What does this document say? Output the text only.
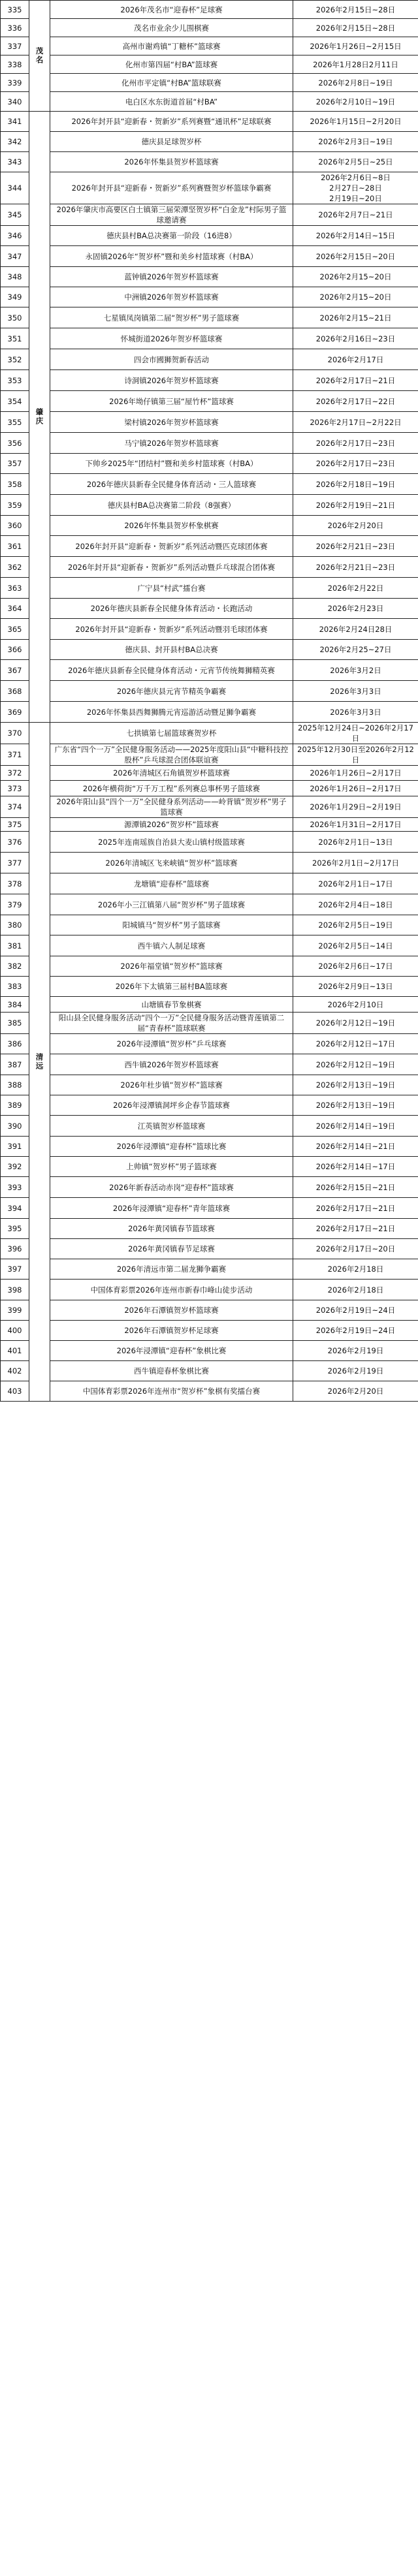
335	茂名	2026年茂名市“迎春杯”足球赛	2026年2月15日~28日
336		茂名市业余少儿围棋赛	2026年2月15日~28日
337		高州市谢鸡镇“丁糖杯”篮球赛	2026年1月26日~2月15日
338		化州市第四届“村BA”篮球赛	2026年1月28日2月11日
339		化州市平定镇“村BA”篮球联赛	2026年2月8日~19日
340		电白区水东街道首届“村BA”	2026年2月10日~19日
341	肇庆	2026年封开县“迎新春・贺新岁”系列赛暨“通讯杯”足球联赛	2026年1月15日~2月20日
342		德庆县足球贺岁杯	2026年2月3日~19日
343		2026年怀集县贺岁杯篮球赛	2026年2月5日~25日
344		2026年封开县“迎新春・贺新岁”系列赛暨贺岁杯篮球争霸赛	2026年2月6日~8日
2月27日~28日
2月19日~20日
345		2026年肇庆市高要区白土镇第三届荣潭坚贺岁杯“白金龙”村际男子篮球邀请赛	2026年2月7日~21日
346		德庆县村BA总决赛第一阶段（16进8）	2026年2月14日~15日
347		永固镇2026年“贺岁杯”暨和美乡村篮球赛（村BA）	2026年2月15日~20日
348		蓝钟镇2026年贺岁杯篮球赛	2026年2月15~20日
349		中洲镇2026年贺岁杯篮球赛	2026年2月15~20日
350		七星镇凤岗镇第二届“贺岁杯”男子篮球赛	2026年2月15~21日
351		怀城街道2026年贺岁杯篮球赛	2026年2月16日~23日
352		四会市國狮贺新春活动	2026年2月17日
353		诗洞镇2026年贺岁杯篮球赛	2026年2月17日~21日
354		2026年坳仔镇第三届“屋竹杯”篮球赛	2026年2月17日~22日
355		梁村镇2026年贺岁杯篮球赛	2026年2月17日~2月22日
356		马宁镇2026年贺岁杯篮球赛	2026年2月17日~23日
357		下帅乡2025年“团结村”暨和美乡村篮球赛（村BA）	2026年2月17日~23日
358		2026年德庆县新春全民健身体育活动・三人篮球赛	2026年2月18日~19日
359		德庆县村BA总决赛第二阶段（8强赛）	2026年2月19日~21日
360		2026年怀集县贺岁杯象棋赛	2026年2月20日
361		2026年封开县“迎新春・贺新岁”系列活动暨匹克球团体赛	2026年2月21日~23日
362		2026年封开县“迎新春・贺新岁”系列活动暨乒乓球混合团体赛	2026年2月21日~23日
363		广宁县“村武”擂台赛	2026年2月22日
364		2026年德庆县新春全民健身体育活动・长跑活动	2026年2月23日
365		2026年封开县“迎新春・贺新岁”系列活动暨羽毛球团体赛	2026年2月24日28日
366		德庆县、封开县村BA总决赛	2026年2月25~27日
367		2026年德庆县新春全民健身体育活动・元宵节传统舞狮精英赛	2026年3月2日
368		2026年德庆县元宵节精英争霸赛	2026年3月3日
369		2026年怀集县西舞狮腾元宵巡游活动暨足狮争霸赛	2026年3月3日
370	清远	七拱镇第七届篮球赛贺岁杯	2025年12月24日~2026年2月17日
371		广东省“四个一万”全民健身服务活动——2025年度阳山县“中糖科技控股杯”乒乓球混合团体联谊赛	2025年12月30日至2026年2月12日
372		2026年清城区石角镇贺岁杯篮球赛	2026年1月26日~2月17日
373		2026年横荷街“万千万工程”系列赛总事杯男子篮球赛	2026年1月26日~2月17日
374		2026年阳山县“四个一万”全民健身系列活动——岭背镇“贺岁杯”男子篮球赛	2026年1月29日~2月19日
375		源潭镇2026“贺岁杯”篮球赛	2026年1月31日~2月17日
376		2025年连南瑶族自治县大麦山镇村级篮球赛	2026年2月1日~13日
377		2026年清城区飞来峡镇“贺岁杯”篮球赛	2026年2月1日~2月17日
378		龙塘镇“迎春杯”篮球赛	2026年2月1日~17日
379		2026年小三江镇第八届“贺岁杯”男子篮球赛	2026年2月4日~18日
380		阳城镇马“贺岁杯”男子篮球赛	2026年2月5日~19日
381		西牛镇六人制足球赛	2026年2月5日~14日
382		2026年福堂镇“贺岁杯”篮球赛	2026年2月6日~17日
383		2026年下太镇第三届村BA篮球赛	2026年2月9日~13日
384		山塘镇春节象棋赛	2026年2月10日
385		阳山县全民健身服务活动“四个一万”全民健身服务活动暨青莲镇第二届“青春杯”篮球联赛	2026年2月12日~19日
386		2026年浸潭镇“贺岁杯”乒乓球赛	2026年2月12日~17日
387		西牛镇2026年贺岁杯篮球赛	2026年2月12日~19日
388		2026年杜步镇“贺岁杯”篮球赛	2026年2月13日~19日
389		2026年浸潭镇洞坪乡企春节篮球赛	2026年2月13日~19日
390		江英镇贺岁杯篮球赛	2026年2月14日~19日
391		2026年浸潭镇“迎春杯”篮球比赛	2026年2月14日~21日
392		上帅镇“贺岁杯”男子篮球赛	2026年2月14日~17日
393		2026年新春活动赤岗“迎春杯”篮球赛	2026年2月15日~21日
394		2026年浸潭镇“迎春杯”青年篮球赛	2026年2月17日~21日
395		2026年黄冈镇春节篮球赛	2026年2月17日~21日
396		2026年黄冈镇春节足球赛	2026年2月17日~20日
397		2026年清远市第二届龙狮争霸赛	2026年2月18日
398		中国体育彩票2026年连州市新春巾峰山徒步活动	2026年2月18日
399		2026年石潭镇贺岁杯篮球赛	2026年2月19日~24日
400		2026年石潭镇贺岁杯足球赛	2026年2月19日~24日
401		2026年浸潭镇“迎春杯”象棋比赛	2026年2月19日
402		西牛镇迎春杯象棋比赛	2026年2月19日
403		中国体育彩票2026年连州市“贺岁杯”象棋有奖擂台赛	2026年2月20日
